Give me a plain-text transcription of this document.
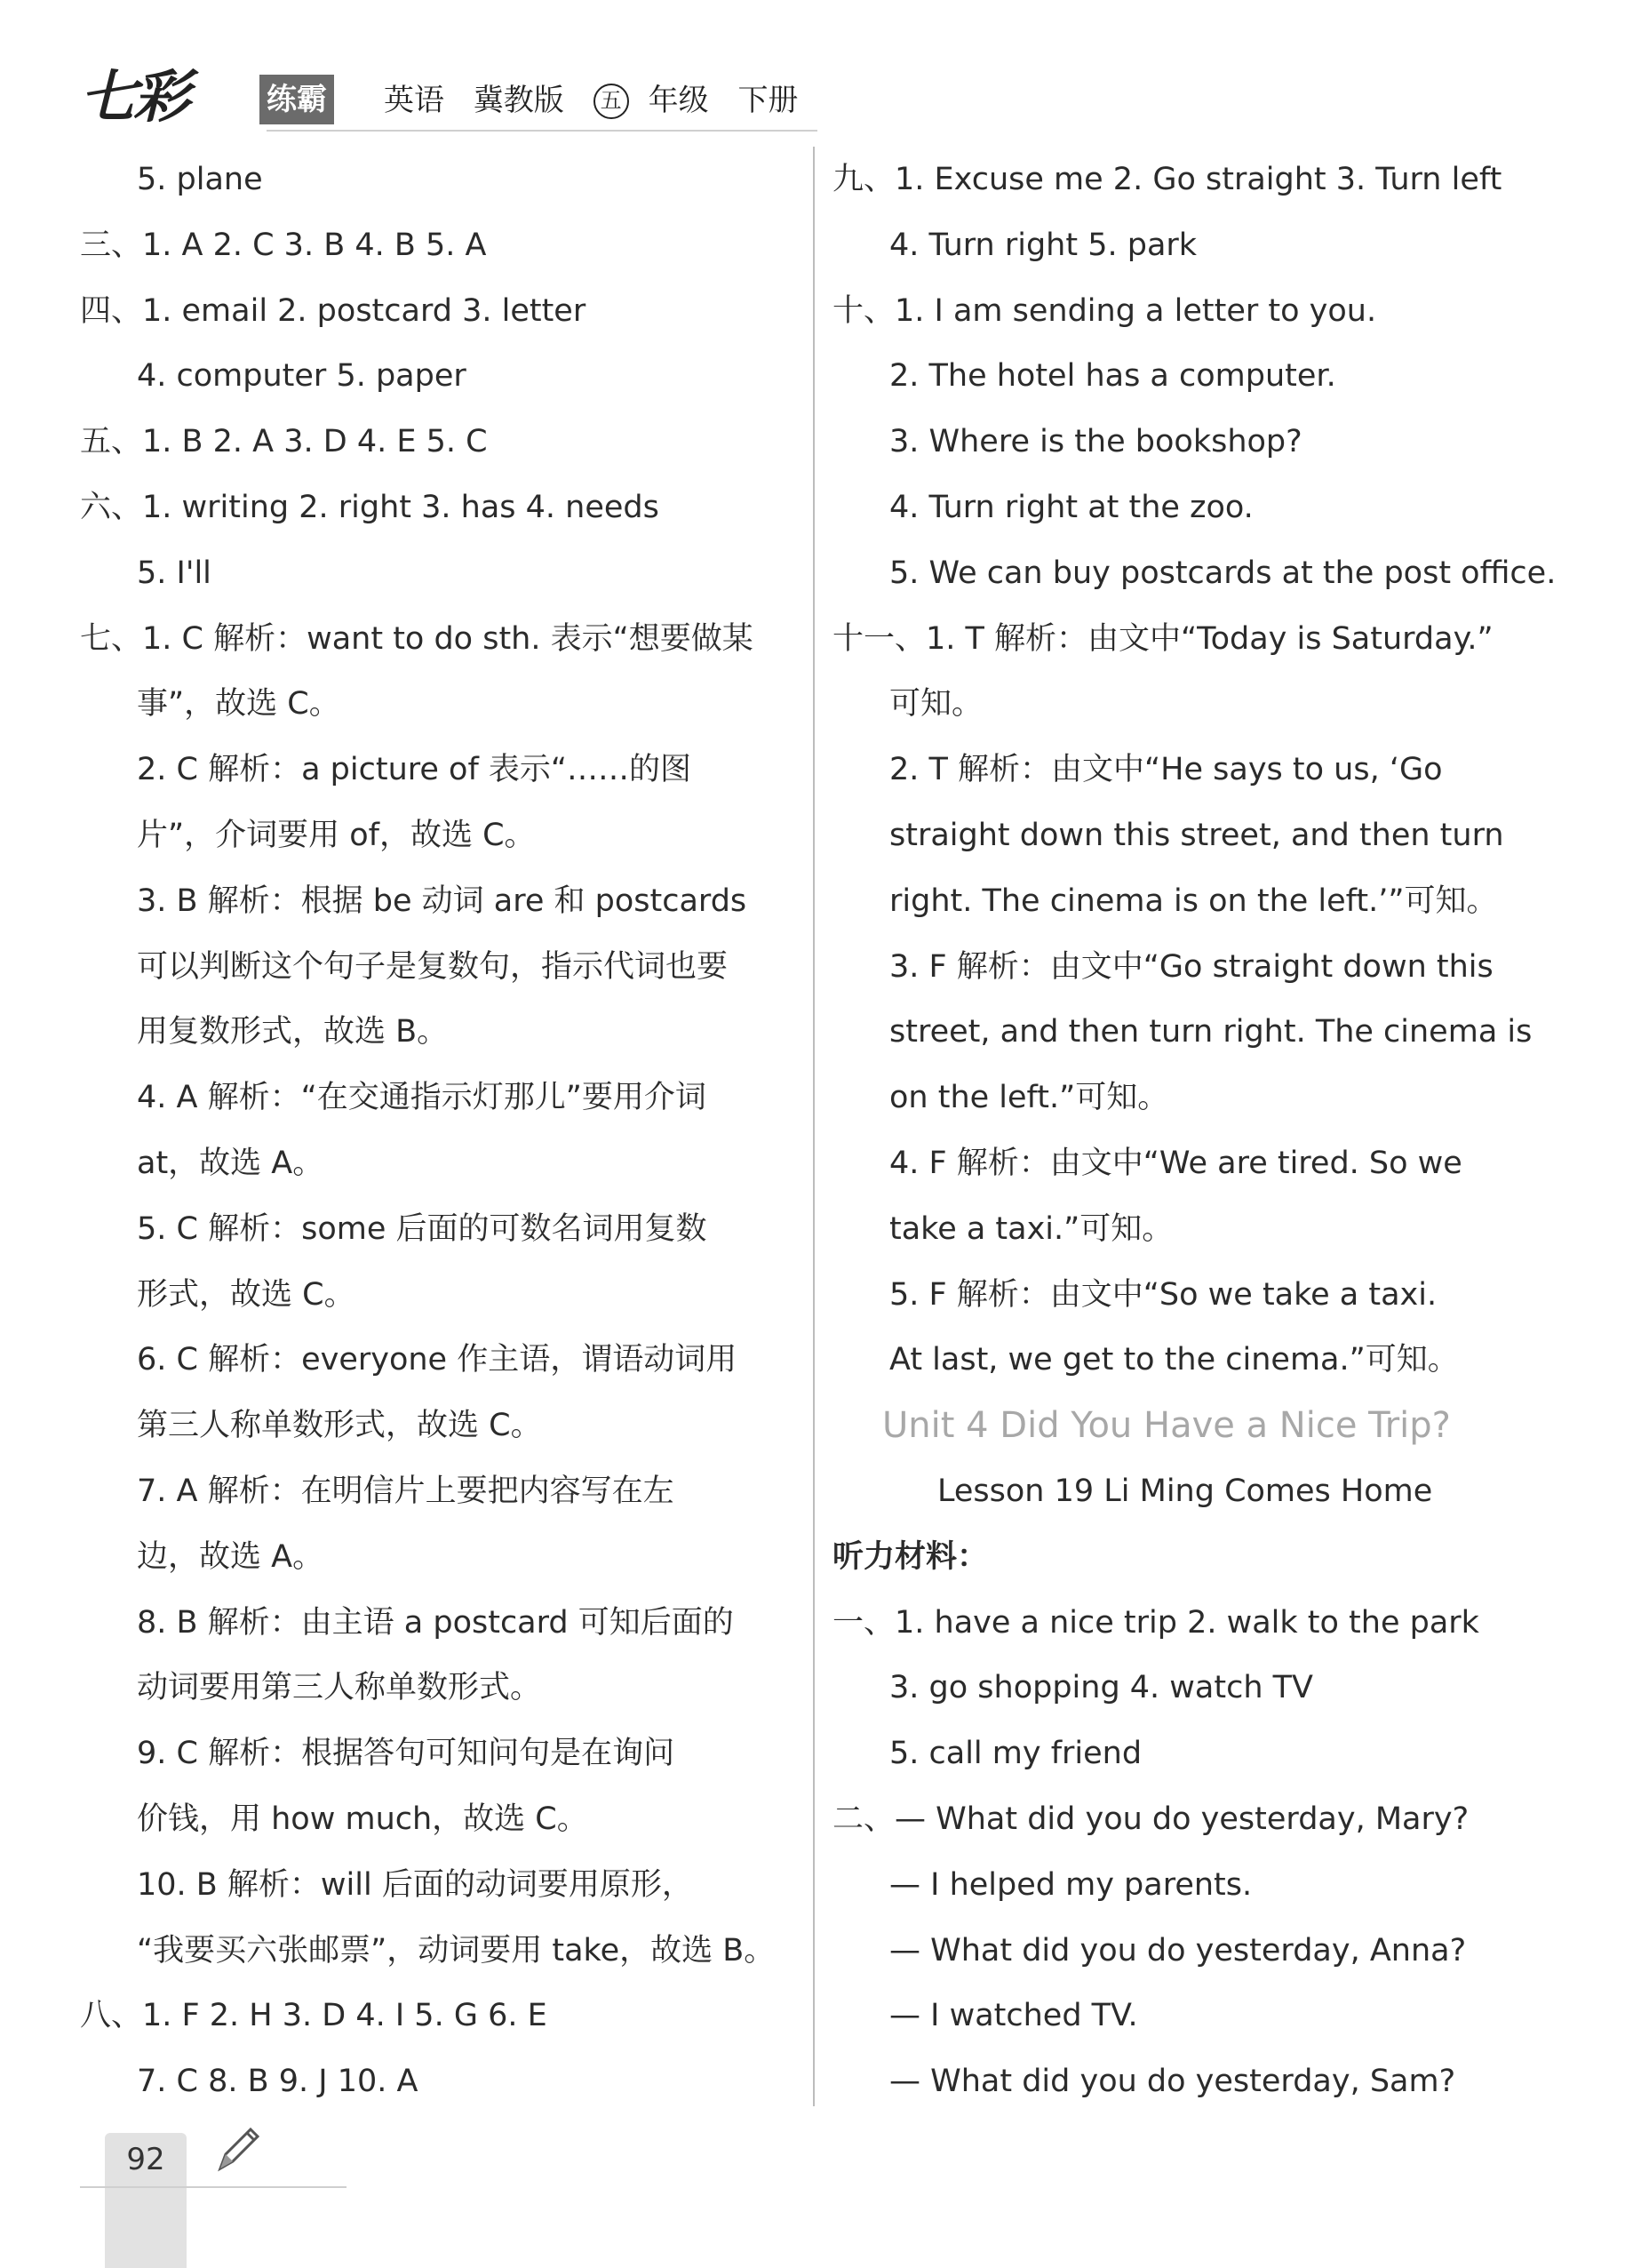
七彩	练霸 英语 冀教版 五 年级 下册
5. plane
三、1. A 2. C 3. B 4. B 5. A
四、1. email 2. postcard 3. letter
4. computer 5. paper
五、1. B 2. A 3. D 4. E 5. C
六、1. writing 2. right 3. has 4. needs
5. I'll
七、1. C 解析：want to do sth. 表示“想要做某
事”，故选 C。
2. C 解析：a picture of 表示“……的图
片”，介词要用 of，故选 C。
3. B 解析：根据 be 动词 are 和 postcards
可以判断这个句子是复数句，指示代词也要
用复数形式，故选 B。
4. A 解析：“在交通指示灯那儿”要用介词
at，故选 A。
5. C 解析：some 后面的可数名词用复数
形式，故选 C。
6. C 解析：everyone 作主语，谓语动词用
第三人称单数形式，故选 C。
7. A 解析：在明信片上要把内容写在左
边，故选 A。
8. B 解析：由主语 a postcard 可知后面的
动词要用第三人称单数形式。
9. C 解析：根据答句可知问句是在询问
价钱，用 how much，故选 C。
10. B 解析：will 后面的动词要用原形，
“我要买六张邮票”，动词要用 take，故选 B。
八、1. F 2. H 3. D 4. I 5. G 6. E
7. C 8. B 9. J 10. A
九、1. Excuse me 2. Go straight 3. Turn left
4. Turn right 5. park
十、1. I am sending a letter to you.
2. The hotel has a computer.
3. Where is the bookshop?
4. Turn right at the zoo.
5. We can buy postcards at the post office.
十一、1. T 解析：由文中“Today is Saturday.”
可知。
2. T 解析：由文中“He says to us, ‘Go
straight down this street, and then turn
right. The cinema is on the left.’”可知。
3. F 解析：由文中“Go straight down this
street, and then turn right. The cinema is
on the left.”可知。
4. F 解析：由文中“We are tired. So we
take a taxi.”可知。
5. F 解析：由文中“So we take a taxi.
At last, we get to the cinema.”可知。
Unit 4 Did You Have a Nice Trip?
Lesson 19 Li Ming Comes Home
听力材料：
一、1. have a nice trip 2. walk to the park
3. go shopping 4. watch TV
5. call my friend
二、— What did you do yesterday, Mary?
— I helped my parents.
— What did you do yesterday, Anna?
— I watched TV.
— What did you do yesterday, Sam?
92
